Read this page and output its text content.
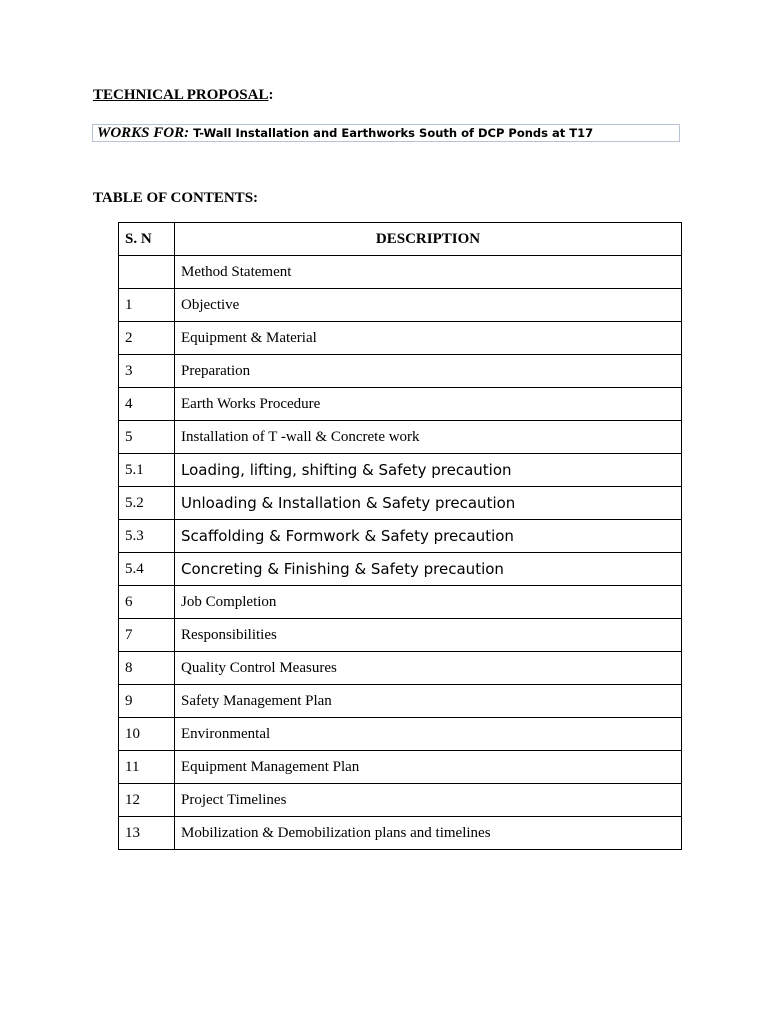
TECHNICAL PROPOSAL:
WORKS FOR: T-Wall Installation and Earthworks South of DCP Ponds at T17
TABLE OF CONTENTS:
S. N	DESCRIPTION
	Method Statement
1	Objective
2	Equipment & Material
3	Preparation
4	Earth Works Procedure
5	Installation of T -wall & Concrete work
5.1	Loading, lifting, shifting & Safety precaution
5.2	Unloading & Installation & Safety precaution
5.3	Scaffolding & Formwork & Safety precaution
5.4	Concreting & Finishing & Safety precaution
6	Job Completion
7	Responsibilities
8	Quality Control Measures
9	Safety Management Plan
10	Environmental
11	Equipment Management Plan
12	Project Timelines
13	Mobilization & Demobilization plans and timelines
